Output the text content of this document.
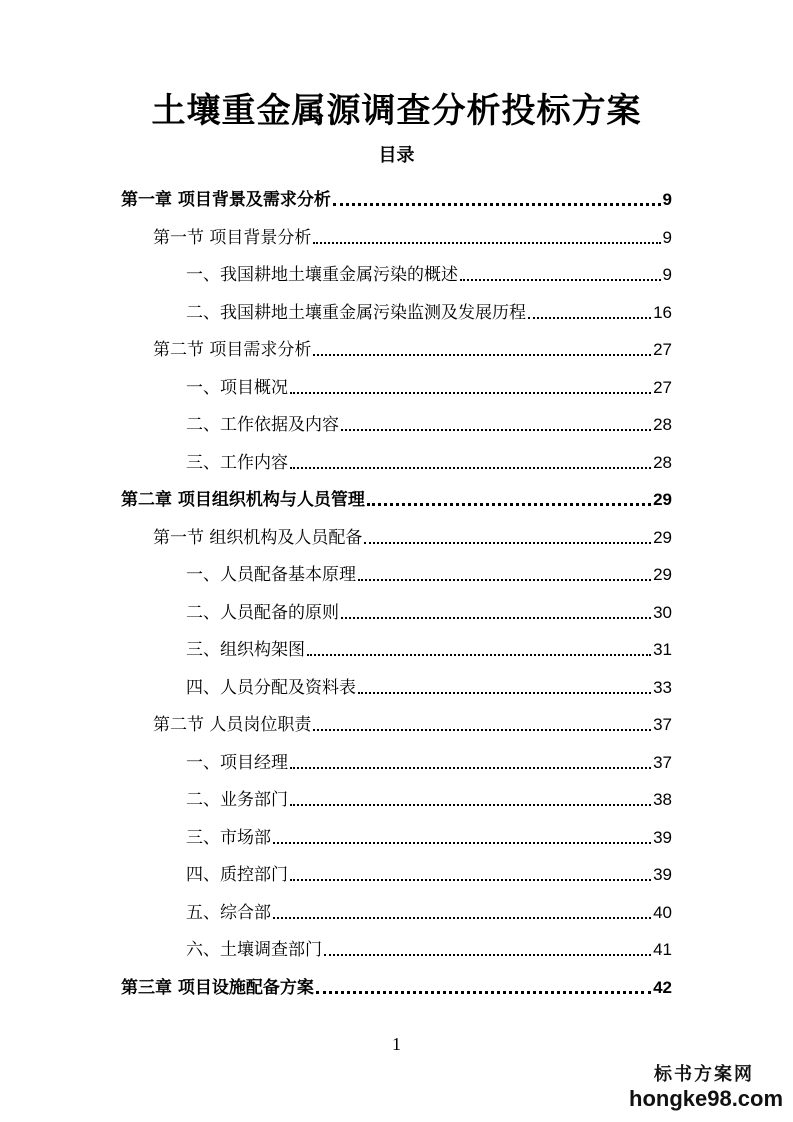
土壤重金属源调查分析投标方案
目录
第一章 项目背景及需求分析	9
第一节 项目背景分析	9
一、我国耕地土壤重金属污染的概述	9
二、我国耕地土壤重金属污染监测及发展历程	16
第二节 项目需求分析	27
一、项目概况	27
二、工作依据及内容	28
三、工作内容	28
第二章 项目组织机构与人员管理	29
第一节 组织机构及人员配备	29
一、人员配备基本原理	29
二、人员配备的原则	30
三、组织构架图	31
四、人员分配及资料表	33
第二节 人员岗位职责	37
一、项目经理	37
二、业务部门	38
三、市场部	39
四、质控部门	39
五、综合部	40
六、土壤调查部门	41
第三章 项目设施配备方案	42
1
标书方案网
hongke98.com
